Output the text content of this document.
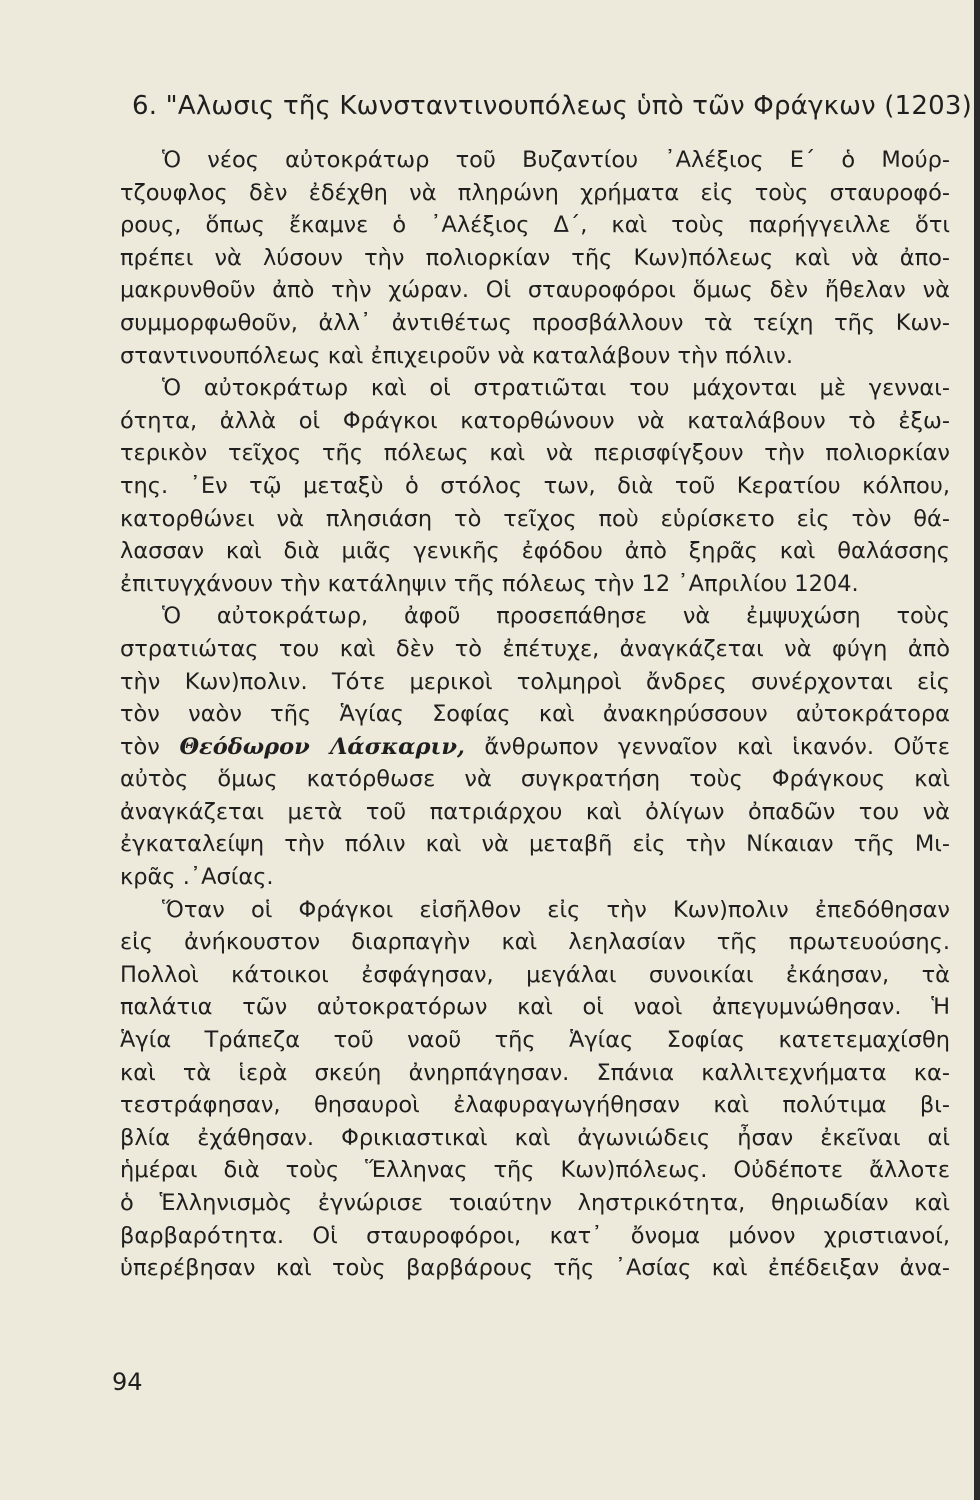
6. "Αλωσις τῆς Κωνσταντινουπόλεως ὑπὸ τῶν Φράγκων (1203)
Ὁ νέος αὐτοκράτωρ τοῦ Βυζαντίου ᾿Αλέξιος Ε΄ ὁ Μούρ-
τζουφλος δὲν ἐδέχθη νὰ πληρώνη χρήματα εἰς τοὺς σταυροφό-
ρους, ὅπως ἔκαμνε ὁ ᾿Αλέξιος Δ΄, καὶ τοὺς παρήγγειλλε ὅτι
πρέπει νὰ λύσουν τὴν πολιορκίαν τῆς Κων)πόλεως καὶ νὰ ἀπο-
μακρυνθοῦν ἀπὸ τὴν χώραν. Οἱ σταυροφόροι ὅμως δὲν ἤθελαν νὰ
συμμορφωθοῦν, ἀλλ᾿ ἀντιθέτως προσβάλλουν τὰ τείχη τῆς Κων-
σταντινουπόλεως καὶ ἐπιχειροῦν νὰ καταλάβουν τὴν πόλιν.
Ὁ αὐτοκράτωρ καὶ οἱ στρατιῶται του μάχονται μὲ γενναι-
ότητα, ἀλλὰ οἱ Φράγκοι κατορθώνουν νὰ καταλάβουν τὸ ἐξω-
τερικὸν τεῖχος τῆς πόλεως καὶ νὰ περισφίγξουν τὴν πολιορκίαν
της. ᾿Εν τῷ μεταξὺ ὁ στόλος των, διὰ τοῦ Κερατίου κόλπου,
κατορθώνει νὰ πλησιάση τὸ τεῖχος ποὺ εὑρίσκετο εἰς τὸν θά-
λασσαν καὶ διὰ μιᾶς γενικῆς ἐφόδου ἀπὸ ξηρᾶς καὶ θαλάσσης
ἐπιτυγχάνουν τὴν κατάληψιν τῆς πόλεως τὴν 12 ᾿Απριλίου 1204.
Ὁ αὐτοκράτωρ, ἀφοῦ προσεπάθησε νὰ ἐμψυχώση τοὺς
στρατιώτας του καὶ δὲν τὸ ἐπέτυχε, ἀναγκάζεται νὰ φύγη ἀπὸ
τὴν Κων)πολιν. Τότε μερικοὶ τολμηροὶ ἄνδρες συνέρχονται εἰς
τὸν ναὸν τῆς Ἁγίας Σοφίας καὶ ἀνακηρύσσουν αὐτοκράτορα
τὸν Θεόδωρον Λάσκαριν, ἄνθρωπον γενναῖον καὶ ἱκανόν. Οὔτε
αὐτὸς ὅμως κατόρθωσε νὰ συγκρατήση τοὺς Φράγκους καὶ
ἀναγκάζεται μετὰ τοῦ πατριάρχου καὶ ὀλίγων ὀπαδῶν του νὰ
ἐγκαταλείψη τὴν πόλιν καὶ νὰ μεταβῆ εἰς τὴν Νίκαιαν τῆς Μι-
κρᾶς .᾿Ασίας.
Ὅταν οἱ Φράγκοι εἰσῆλθον εἰς τὴν Κων)πολιν ἐπεδόθησαν
εἰς ἀνήκουστον διαρπαγὴν καὶ λεηλασίαν τῆς πρωτευούσης.
Πολλοὶ κάτοικοι ἐσφάγησαν, μεγάλαι συνοικίαι ἐκάησαν, τὰ
παλάτια τῶν αὐτοκρατόρων καὶ οἱ ναοὶ ἀπεγυμνώθησαν. Ἡ
Ἁγία Τράπεζα τοῦ ναοῦ τῆς Ἁγίας Σοφίας κατετεμαχίσθη
καὶ τὰ ἱερὰ σκεύη ἀνηρπάγησαν. Σπάνια καλλιτεχνήματα κα-
τεστράφησαν, θησαυροὶ ἐλαφυραγωγήθησαν καὶ πολύτιμα βι-
βλία ἐχάθησαν. Φρικιαστικαὶ καὶ ἀγωνιώδεις ἦσαν ἐκεῖναι αἱ
ἡμέραι διὰ τοὺς Ἕλληνας τῆς Κων)πόλεως. Οὐδέποτε ἄλλοτε
ὁ Ἑλληνισμὸς ἐγνώρισε τοιαύτην ληστρικότητα, θηριωδίαν καὶ
βαρβαρότητα. Οἱ σταυροφόροι, κατ᾿ ὄνομα μόνον χριστιανοί,
ὑπερέβησαν καὶ τοὺς βαρβάρους τῆς ᾿Ασίας καὶ ἐπέδειξαν ἀνα-
94
